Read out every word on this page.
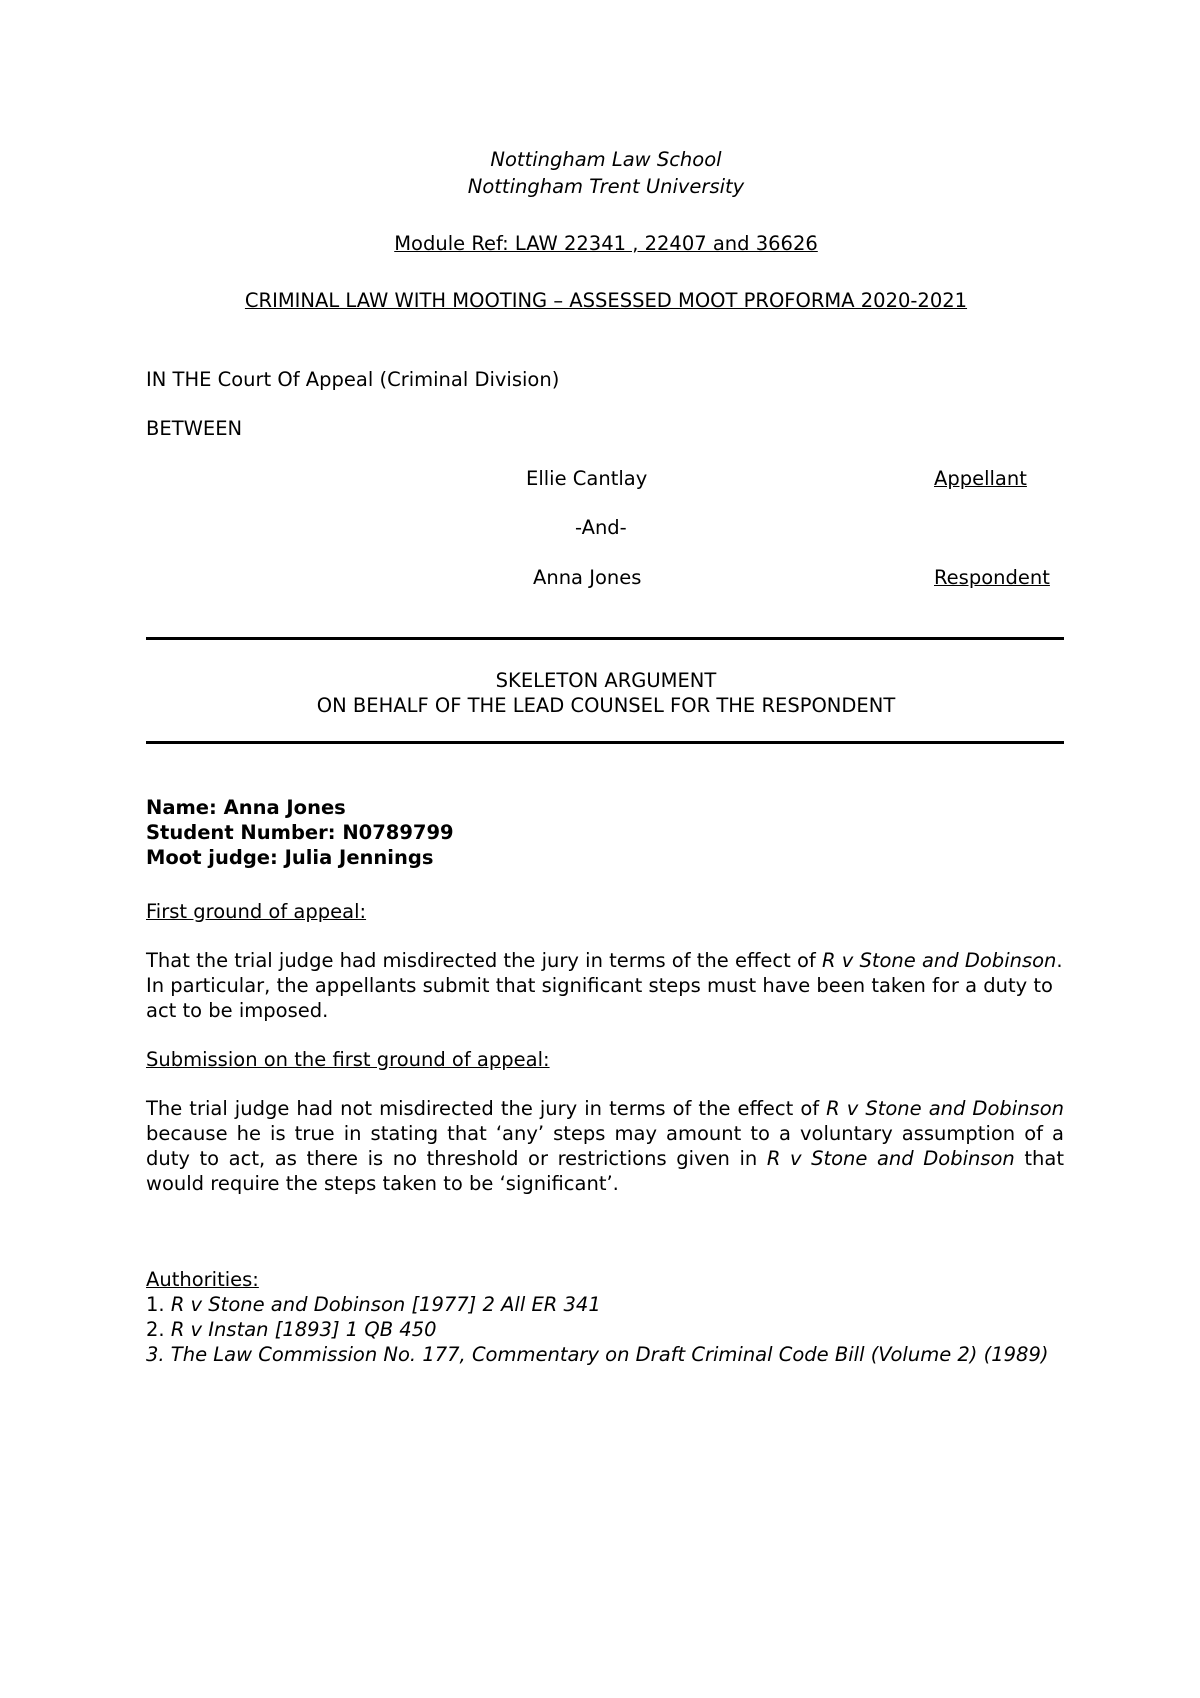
Nottingham Law School
Nottingham Trent University
Module Ref: LAW 22341 , 22407 and 36626
CRIMINAL LAW WITH MOOTING – ASSESSED MOOT PROFORMA 2020-2021
IN THE Court Of Appeal (Criminal Division)
BETWEEN
Ellie Cantlay	Appellant
-And-
Anna Jones	Respondent
SKELETON ARGUMENT
ON BEHALF OF THE LEAD COUNSEL FOR THE RESPONDENT
Name: Anna Jones
Student Number: N0789799
Moot judge: Julia Jennings
First ground of appeal:
That the trial judge had misdirected the jury in terms of the effect of R v Stone and Dobinson. In particular, the appellants submit that significant steps must have been taken for a duty to act to be imposed.
Submission on the first ground of appeal:
The trial judge had not misdirected the jury in terms of the effect of R v Stone and Dobinson because he is true in stating that ‘any’ steps may amount to a voluntary assumption of a duty to act, as there is no threshold or restrictions given in R v Stone and Dobinson that would require the steps taken to be ‘significant’.
Authorities:
1. R v Stone and Dobinson [1977] 2 All ER 341
2. R v Instan [1893] 1 QB 450
3. The Law Commission No. 177, Commentary on Draft Criminal Code Bill (Volume 2) (1989)
